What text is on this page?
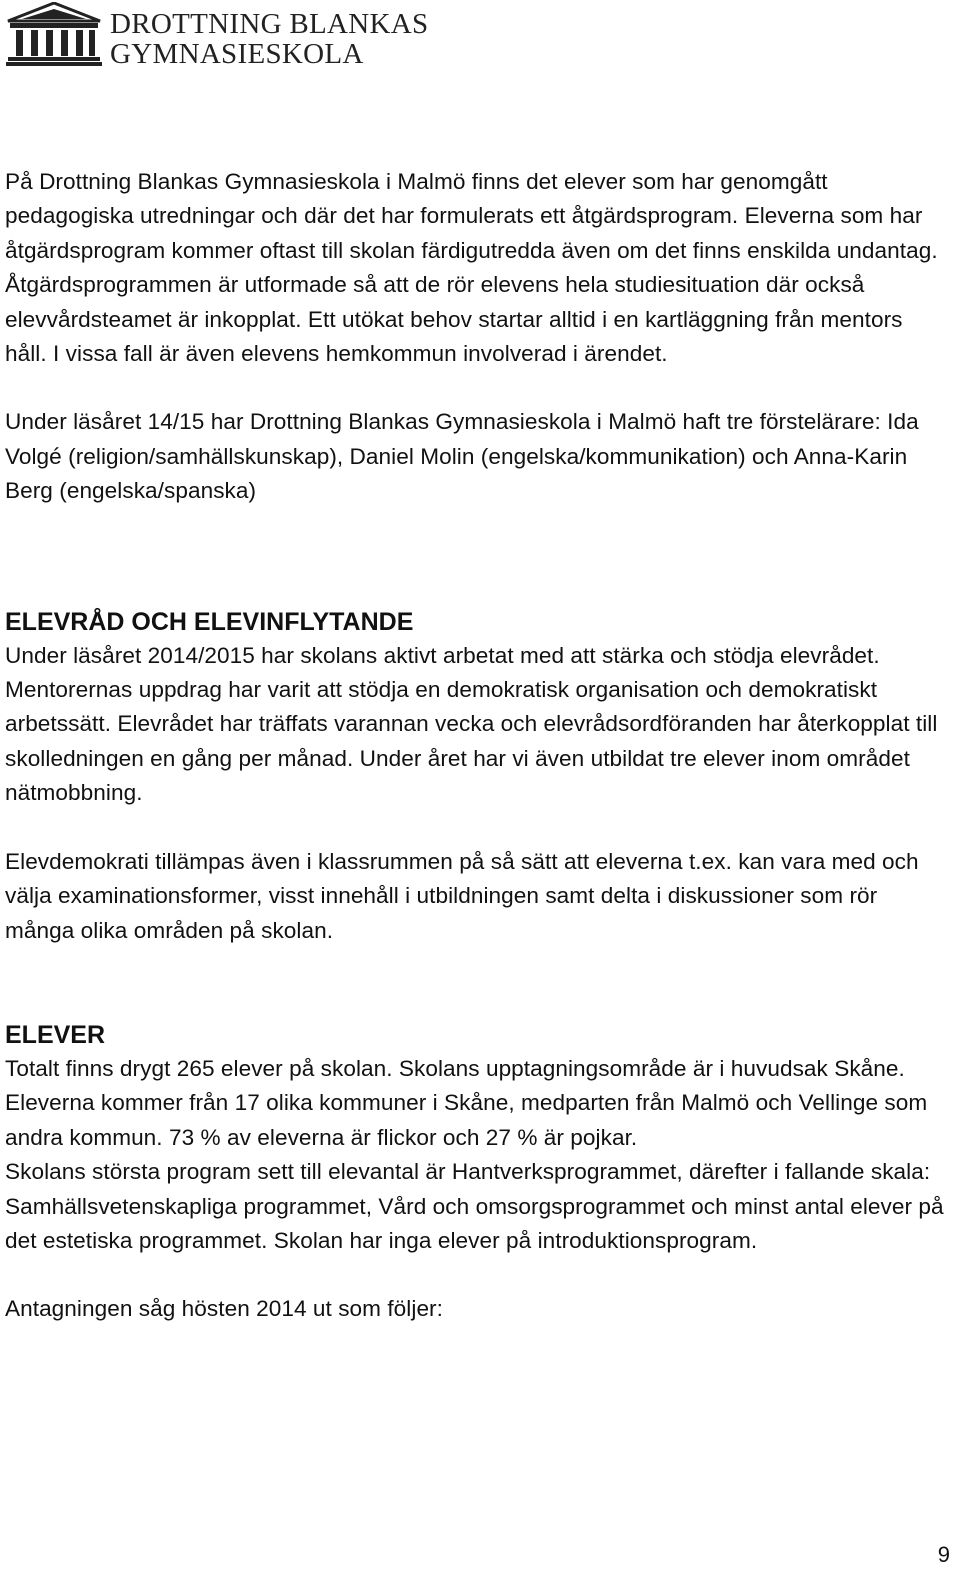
DROTTNING BLANKAS
GYMNASIESKOLA

På Drottning Blankas Gymnasieskola i Malmö finns det elever som har genomgått pedagogiska utredningar och där det har formulerats ett åtgärdsprogram. Eleverna som har åtgärdsprogram kommer oftast till skolan färdigutredda även om det finns enskilda undantag. Åtgärdsprogrammen är utformade så att de rör elevens hela studiesituation där också elevvårdsteamet är inkopplat. Ett utökat behov startar alltid i en kartläggning från mentors håll. I vissa fall är även elevens hemkommun involverad i ärendet.

Under läsåret 14/15 har Drottning Blankas Gymnasieskola i Malmö haft tre förstelärare: Ida Volgé (religion/samhällskunskap), Daniel Molin (engelska/kommunikation) och Anna-Karin Berg (engelska/spanska)

ELEVRÅD OCH ELEVINFLYTANDE

Under läsåret 2014/2015 har skolans aktivt arbetat med att stärka och stödja elevrådet. Mentorernas uppdrag har varit att stödja en demokratisk organisation och demokratiskt arbetssätt. Elevrådet har träffats varannan vecka och elevrådsordföranden har återkopplat till skolledningen en gång per månad. Under året har vi även utbildat tre elever inom området nätmobbning.

Elevdemokrati tillämpas även i klassrummen på så sätt att eleverna t.ex. kan vara med och välja examinationsformer, visst innehåll i utbildningen samt delta i diskussioner som rör många olika områden på skolan.

ELEVER

Totalt finns drygt 265 elever på skolan. Skolans upptagningsområde är i huvudsak Skåne. Eleverna kommer från 17 olika kommuner i Skåne, medparten från Malmö och Vellinge som andra kommun. 73 % av eleverna är flickor och 27 % är pojkar.

Skolans största program sett till elevantal är Hantverksprogrammet, därefter i fallande skala: Samhällsvetenskapliga programmet, Vård och omsorgsprogrammet och minst antal elever på det estetiska programmet. Skolan har inga elever på introduktionsprogram.

Antagningen såg hösten 2014 ut som följer:

9
